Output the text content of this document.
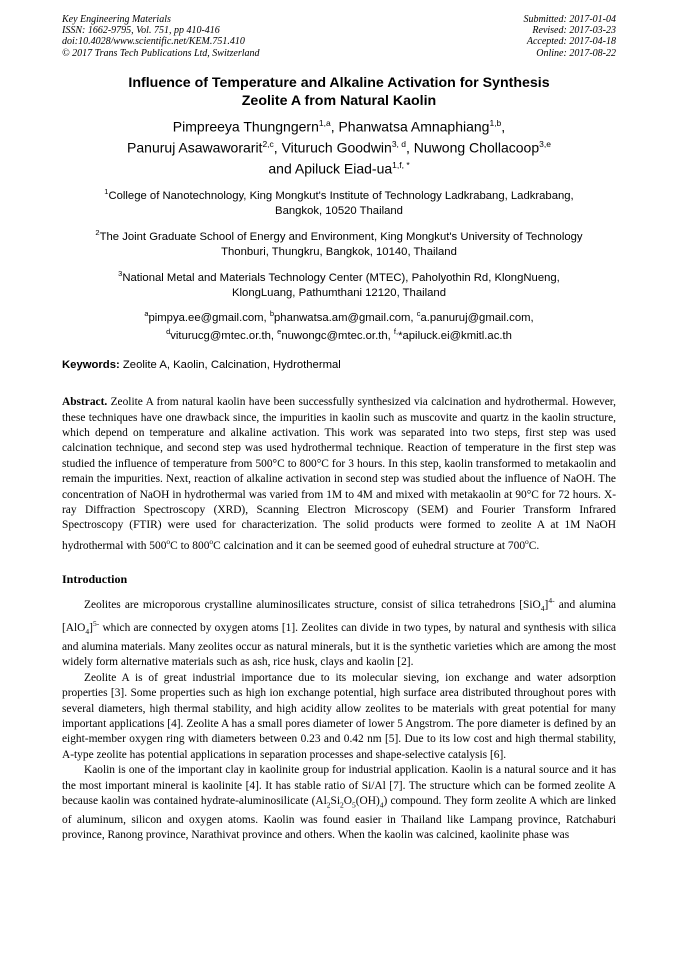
Key Engineering Materials
ISSN: 1662-9795, Vol. 751, pp 410-416
doi:10.4028/www.scientific.net/KEM.751.410
© 2017 Trans Tech Publications Ltd, Switzerland
Submitted: 2017-01-04
Revised: 2017-03-23
Accepted: 2017-04-18
Online: 2017-08-22
Influence of Temperature and Alkaline Activation for Synthesis
Zeolite A from Natural Kaolin
Pimpreeya Thungngern$^{1,a}$, Phanwatsa Amnaphiang$^{1,b}$,
Panuruj Asawaworarit$^{2,c}$, Vituruch Goodwin$^{3, d}$, Nuwong Chollacoop$^{3,e}$
and Apiluck Eiad-$ua^{1,f, *}$
$^1$College of Nanotechnology, King Mongkut's Institute of Technology Ladkrabang, Ladkrabang,
Bangkok, 10520 Thailand
$^2$The Joint Graduate School of Energy and Environment, King Mongkut's University of Technology
Thonburi, Thungkru, Bangkok, 10140, Thailand
$^3$National Metal and Materials Technology Center (MTEC), Paholyothin Rd, KlongNueng,
KlongLuang, Pathumthani 12120, Thailand
$^a$pimpya.ee@gmail.com, $^b$phanwatsa.am@gmail.com, $^c$a.panuruj@gmail.com,
$^d$viturucg@mtec.or.th, $^e$nuwongc@mtec.or.th, $^{f,}$*apiluck.ei@kmitl.ac.th
Keywords: Zeolite A, Kaolin, Calcination, Hydrothermal
Abstract. Zeolite A from natural kaolin have been successfully synthesized via calcination and hydrothermal. However, these techniques have one drawback since, the impurities in kaolin such as muscovite and quartz in the kaolin structure, which depend on temperature and alkaline activation. This work was separated into two steps, first step was used calcination technique, and second step was used hydrothermal technique. Reaction of temperature in the first step was studied the influence of temperature from 500°C to 800°C for 3 hours. In this step, kaolin transformed to metakaolin and remain the impurities. Next, reaction of alkaline activation in second step was studied about the influence of NaOH. The concentration of NaOH in hydrothermal was varied from 1M to 4M and mixed with metakaolin at 90°C for 72 hours. X-ray Diffraction Spectroscopy (XRD), Scanning Electron Microscopy (SEM) and Fourier Transform Infrared Spectroscopy (FTIR) were used for characterization. The solid products were formed to zeolite A at 1M NaOH hydrothermal with 500$^o$C to 800$^o$C calcination and it can be seemed good of euhedral structure at 700$^o$C.
Introduction
Zeolites are microporous crystalline aluminosilicates structure, consist of silica tetrahedrons $[SiO_4]^{4-}$ and alumina $[AlO_4]^{5-}$ which are connected by oxygen atoms [1]. Zeolites can divide in two types, by natural and synthesis with silica and alumina materials. Many zeolites occur as natural minerals, but it is the synthetic varieties which are among the most widely form alternative materials such as ash, rice husk, clays and kaolin [2].
Zeolite A is of great industrial importance due to its molecular sieving, ion exchange and water adsorption properties [3]. Some properties such as high ion exchange potential, high surface area distributed throughout pores with several diameters, high thermal stability, and high acidity allow zeolites to be materials with great potential for many important applications [4]. Zeolite A has a small pores diameter of lower 5 Angstrom. The pore diameter is defined by an eight-member oxygen ring with diameters between 0.23 and 0.42 nm [5]. Due to its low cost and high thermal stability, A-type zeolite has potential applications in separation processes and shape-selective catalysis [6].
Kaolin is one of the important clay in kaolinite group for industrial application. Kaolin is a natural source and it has the most important mineral is kaolinite [4]. It has stable ratio of Si/Al [7]. The structure which can be formed zeolite A because kaolin was contained hydrate-aluminosilicate $(Al_2Si_2O_5(OH)_4)$ compound. They form zeolite A which are linked of aluminum, silicon and oxygen atoms. Kaolin was found easier in Thailand like Lampang province, Ratchaburi province, Ranong province, Narathivat province and others. When the kaolin was calcined, kaolinite phase was
